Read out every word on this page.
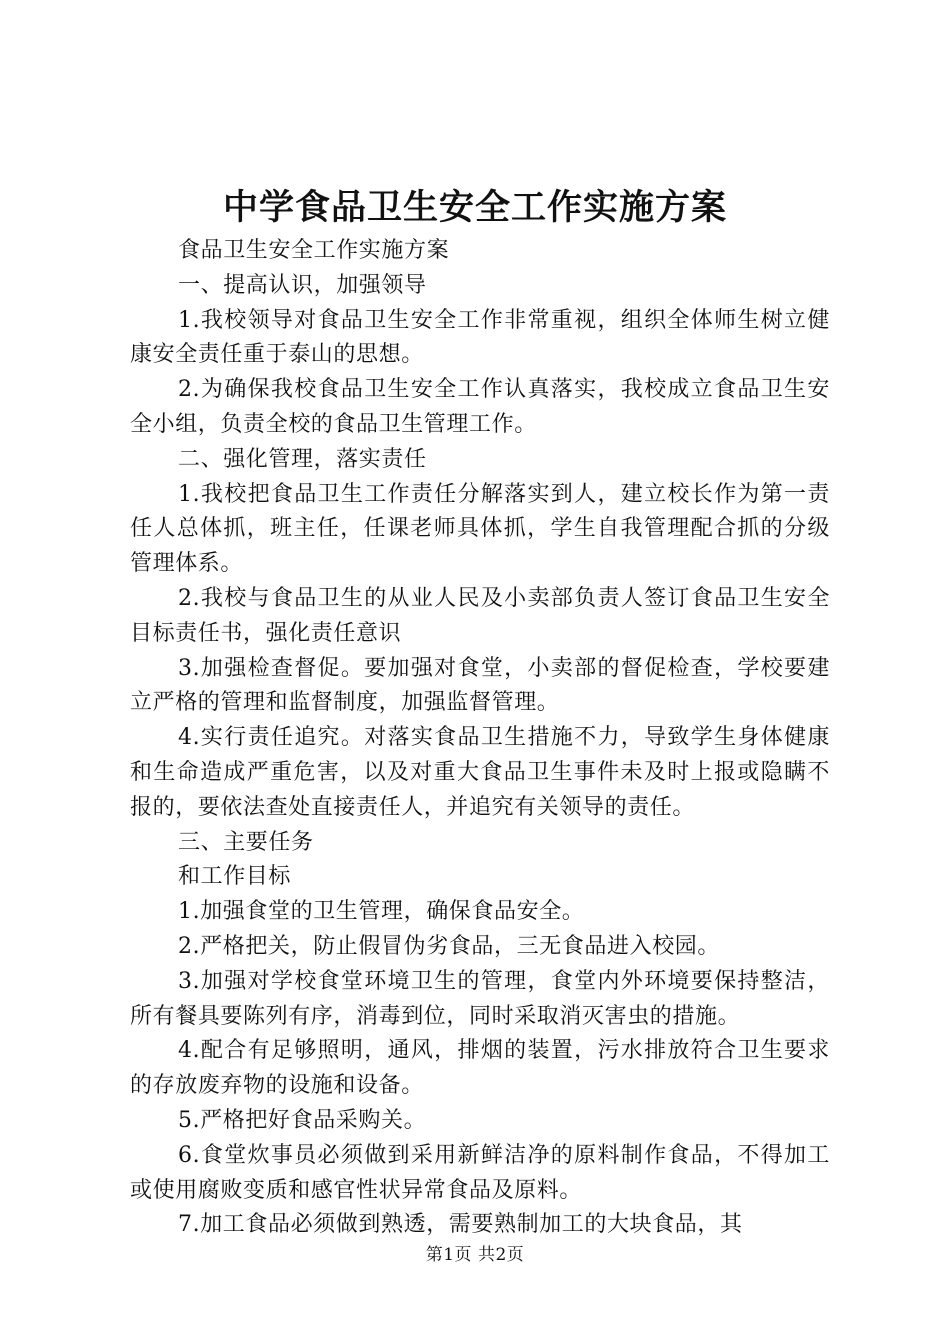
中学食品卫生安全工作实施方案

食品卫生安全工作实施方案

一、提高认识，加强领导

1.我校领导对食品卫生安全工作非常重视，组织全体师生树立健康安全责任重于泰山的思想。

2.为确保我校食品卫生安全工作认真落实，我校成立食品卫生安全小组，负责全校的食品卫生管理工作。

二、强化管理，落实责任

1.我校把食品卫生工作责任分解落实到人，建立校长作为第一责任人总体抓，班主任，任课老师具体抓，学生自我管理配合抓的分级管理体系。

2.我校与食品卫生的从业人民及小卖部负责人签订食品卫生安全目标责任书，强化责任意识

3.加强检查督促。要加强对食堂，小卖部的督促检查，学校要建立严格的管理和监督制度，加强监督管理。

4.实行责任追究。对落实食品卫生措施不力，导致学生身体健康和生命造成严重危害，以及对重大食品卫生事件未及时上报或隐瞒不报的，要依法查处直接责任人，并追究有关领导的责任。

三、主要任务

和工作目标

1.加强食堂的卫生管理，确保食品安全。

2.严格把关，防止假冒伪劣食品，三无食品进入校园。

3.加强对学校食堂环境卫生的管理，食堂内外环境要保持整洁，所有餐具要陈列有序，消毒到位，同时采取消灭害虫的措施。

4.配合有足够照明，通风，排烟的装置，污水排放符合卫生要求的存放废弃物的设施和设备。

5.严格把好食品采购关。

6.食堂炊事员必须做到采用新鲜洁净的原料制作食品，不得加工或使用腐败变质和感官性状异常食品及原料。

7.加工食品必须做到熟透，需要熟制加工的大块食品，其

第1页 共2页
